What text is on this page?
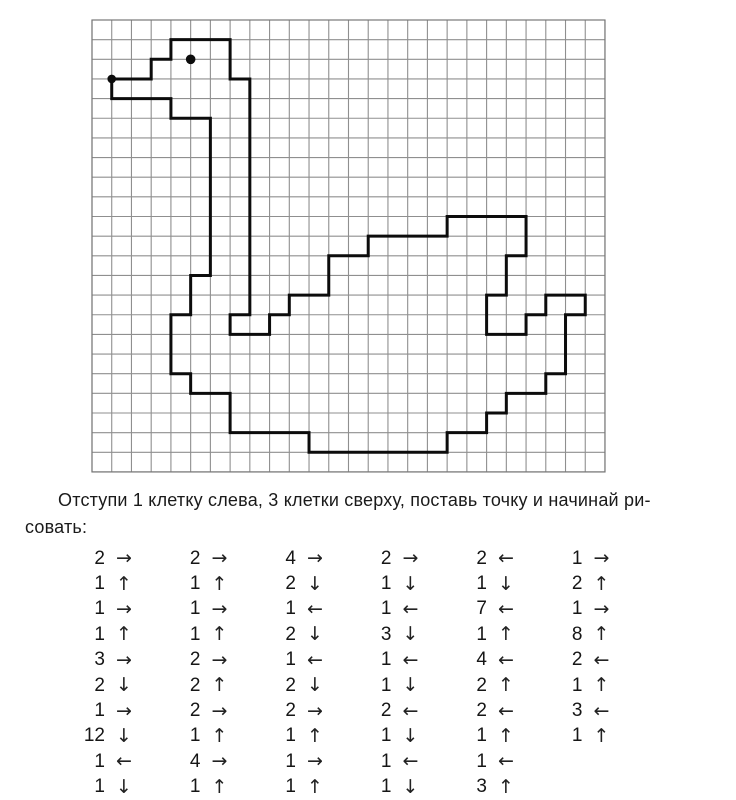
Отступи 1 клетку слева, 3 клетки сверху, поставь точку и начинай ри-
совать:
2 →
1 ↑
1 →
1 ↑
3 →
2 ↓
1 →
12 ↓
1 ←
1 ↓
2 →
1 ↑
1 →
1 ↑
2 →
2 ↑
2 →
1 ↑
4 →
1 ↑
4 →
2 ↓
1 ←
2 ↓
1 ←
2 ↓
2 →
1 ↑
1 →
1 ↑
2 →
1 ↓
1 ←
3 ↓
1 ←
1 ↓
2 ←
1 ↓
1 ←
1 ↓
2 ←
1 ↓
7 ←
1 ↑
4 ←
2 ↑
2 ←
1 ↑
1 ←
3 ↑
1 →
2 ↑
1 →
8 ↑
2 ←
1 ↑
3 ←
1 ↑
